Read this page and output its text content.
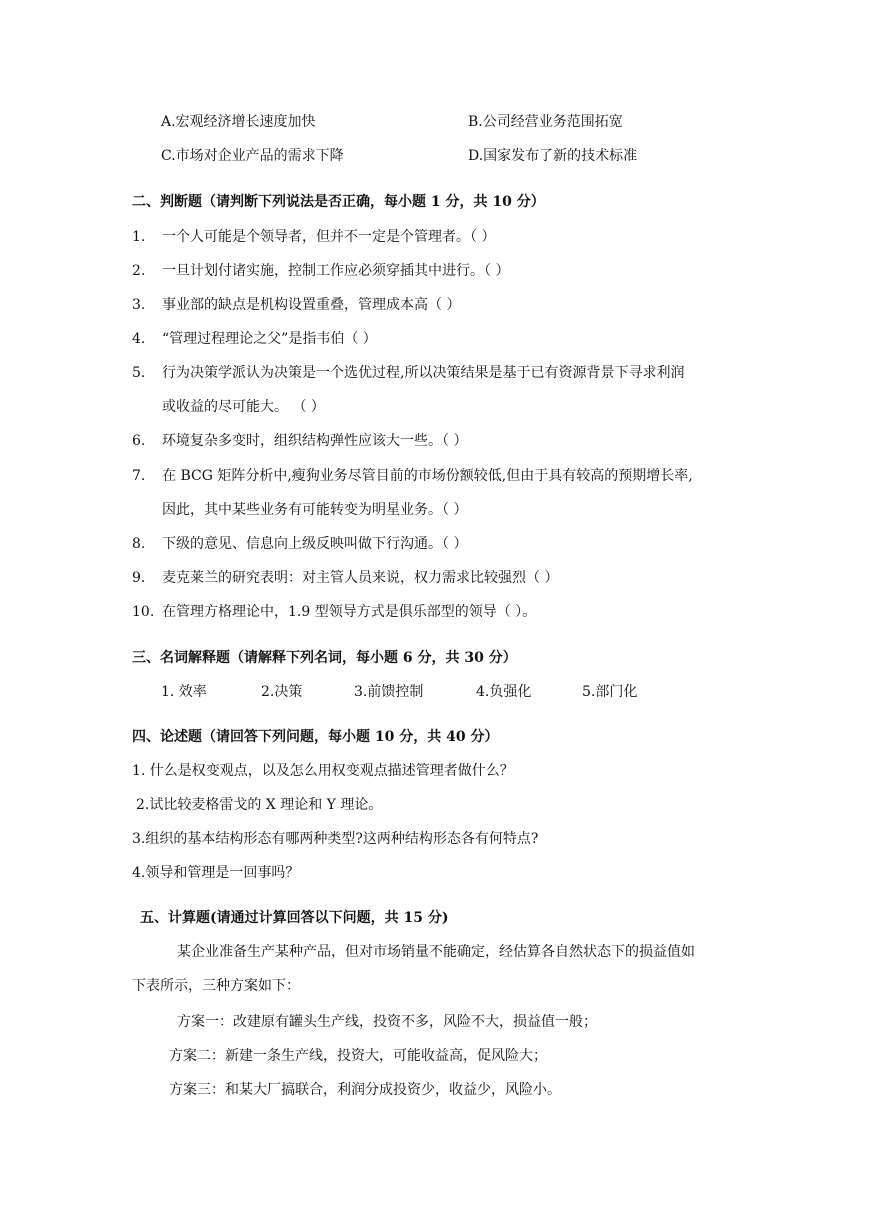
A.宏观经济增长速度加快	B.公司经营业务范围拓宽
C.市场对企业产品的需求下降	D.国家发布了新的技术标准
二、判断题（请判断下列说法是否正确，每小题 1 分，共 10 分）
1. 一个人可能是个领导者，但并不一定是个管理者。（ ）
2. 一旦计划付诸实施，控制工作应必须穿插其中进行。（ ）
3. 事业部的缺点是机构设置重叠，管理成本高（ ）
4. “管理过程理论之父”是指韦伯（ ）
5. 行为决策学派认为决策是一个选优过程,所以决策结果是基于已有资源背景下寻求利润
或收益的尽可能大。 （ ）
6. 环境复杂多变时，组织结构弹性应该大一些。（ ）
7. 在 BCG 矩阵分析中,瘦狗业务尽管目前的市场份额较低,但由于具有较高的预期增长率,
因此，其中某些业务有可能转变为明星业务。（ ）
8. 下级的意见、信息向上级反映叫做下行沟通。（ ）
9. 麦克莱兰的研究表明：对主管人员来说，权力需求比较强烈（ ）
10. 在管理方格理论中，1.9 型领导方式是俱乐部型的领导（ ）。
三、名词解释题（请解释下列名词，每小题 6 分，共 30 分）
1. 效率	2.决策	3.前馈控制	4.负强化	5.部门化
四、论述题（请回答下列问题，每小题 10 分，共 40 分）
1. 什么是权变观点，以及怎么用权变观点描述管理者做什么？
2.试比较麦格雷戈的 X 理论和 Y 理论。
3.组织的基本结构形态有哪两种类型?这两种结构形态各有何特点?
4.领导和管理是一回事吗？
五、计算题(请通过计算回答以下问题，共 15 分)
某企业准备生产某种产品，但对市场销量不能确定，经估算各自然状态下的损益值如
下表所示，三种方案如下：
方案一：改建原有罐头生产线，投资不多，风险不大，损益值一般；
方案二：新建一条生产线，投资大，可能收益高，促风险大；
方案三：和某大厂搞联合，利润分成投资少，收益少，风险小。
